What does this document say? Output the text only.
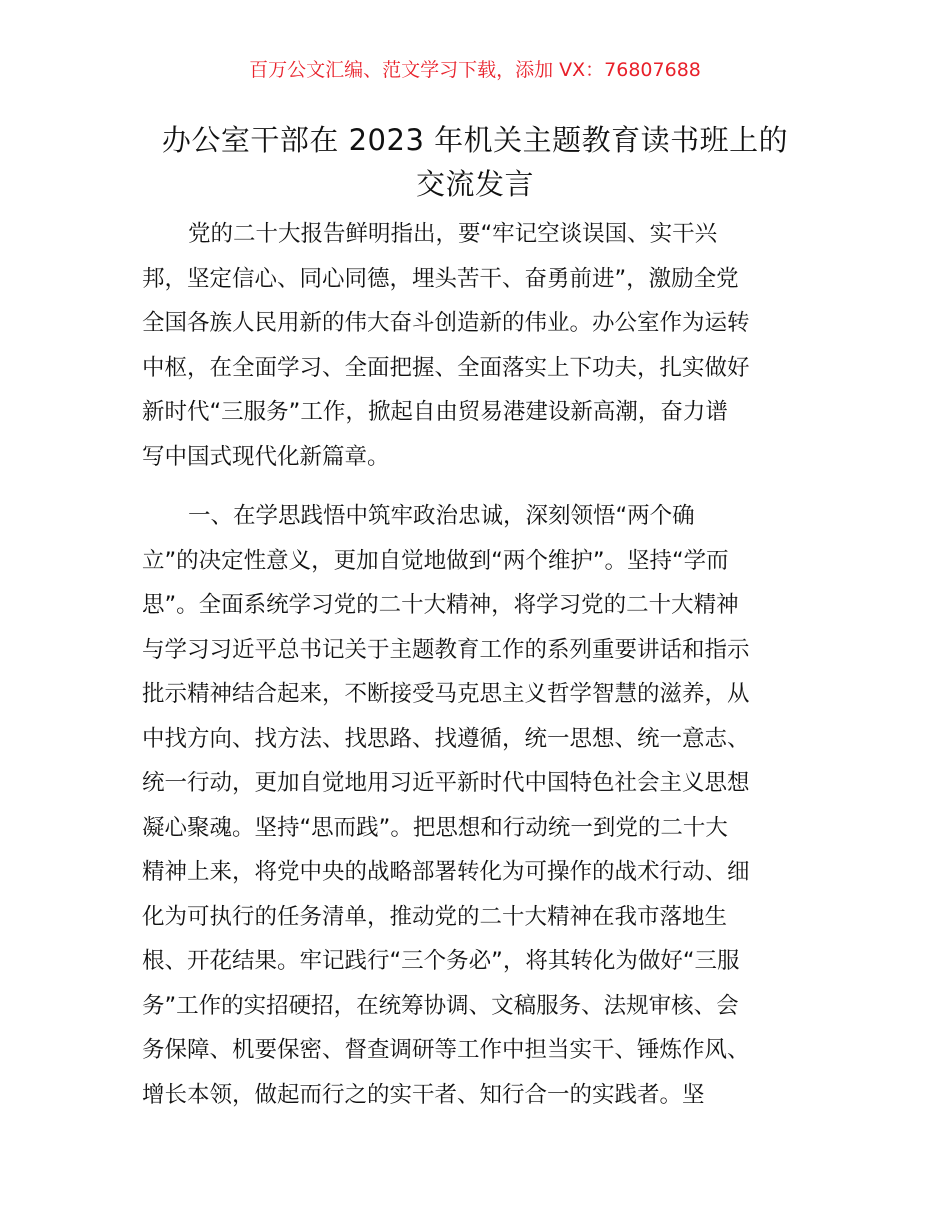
百万公文汇编、范文学习下载，添加 VX：76807688
办公室干部在 2023 年机关主题教育读书班上的
交流发言

党的二十大报告鲜明指出，要“牢记空谈误国、实干兴
邦，坚定信心、同心同德，埋头苦干、奋勇前进”，激励全党
全国各族人民用新的伟大奋斗创造新的伟业。办公室作为运转
中枢，在全面学习、全面把握、全面落实上下功夫，扎实做好
新时代“三服务”工作，掀起自由贸易港建设新高潮，奋力谱
写中国式现代化新篇章。

一、在学思践悟中筑牢政治忠诚，深刻领悟“两个确
立”的决定性意义，更加自觉地做到“两个维护”。坚持“学而
思”。全面系统学习党的二十大精神，将学习党的二十大精神
与学习习近平总书记关于主题教育工作的系列重要讲话和指示
批示精神结合起来，不断接受马克思主义哲学智慧的滋养，从
中找方向、找方法、找思路、找遵循，统一思想、统一意志、
统一行动，更加自觉地用习近平新时代中国特色社会主义思想
凝心聚魂。坚持“思而践”。把思想和行动统一到党的二十大
精神上来，将党中央的战略部署转化为可操作的战术行动、细
化为可执行的任务清单，推动党的二十大精神在我市落地生
根、开花结果。牢记践行“三个务必”，将其转化为做好“三服
务”工作的实招硬招，在统筹协调、文稿服务、法规审核、会
务保障、机要保密、督查调研等工作中担当实干、锤炼作风、
增长本领，做起而行之的实干者、知行合一的实践者。坚
